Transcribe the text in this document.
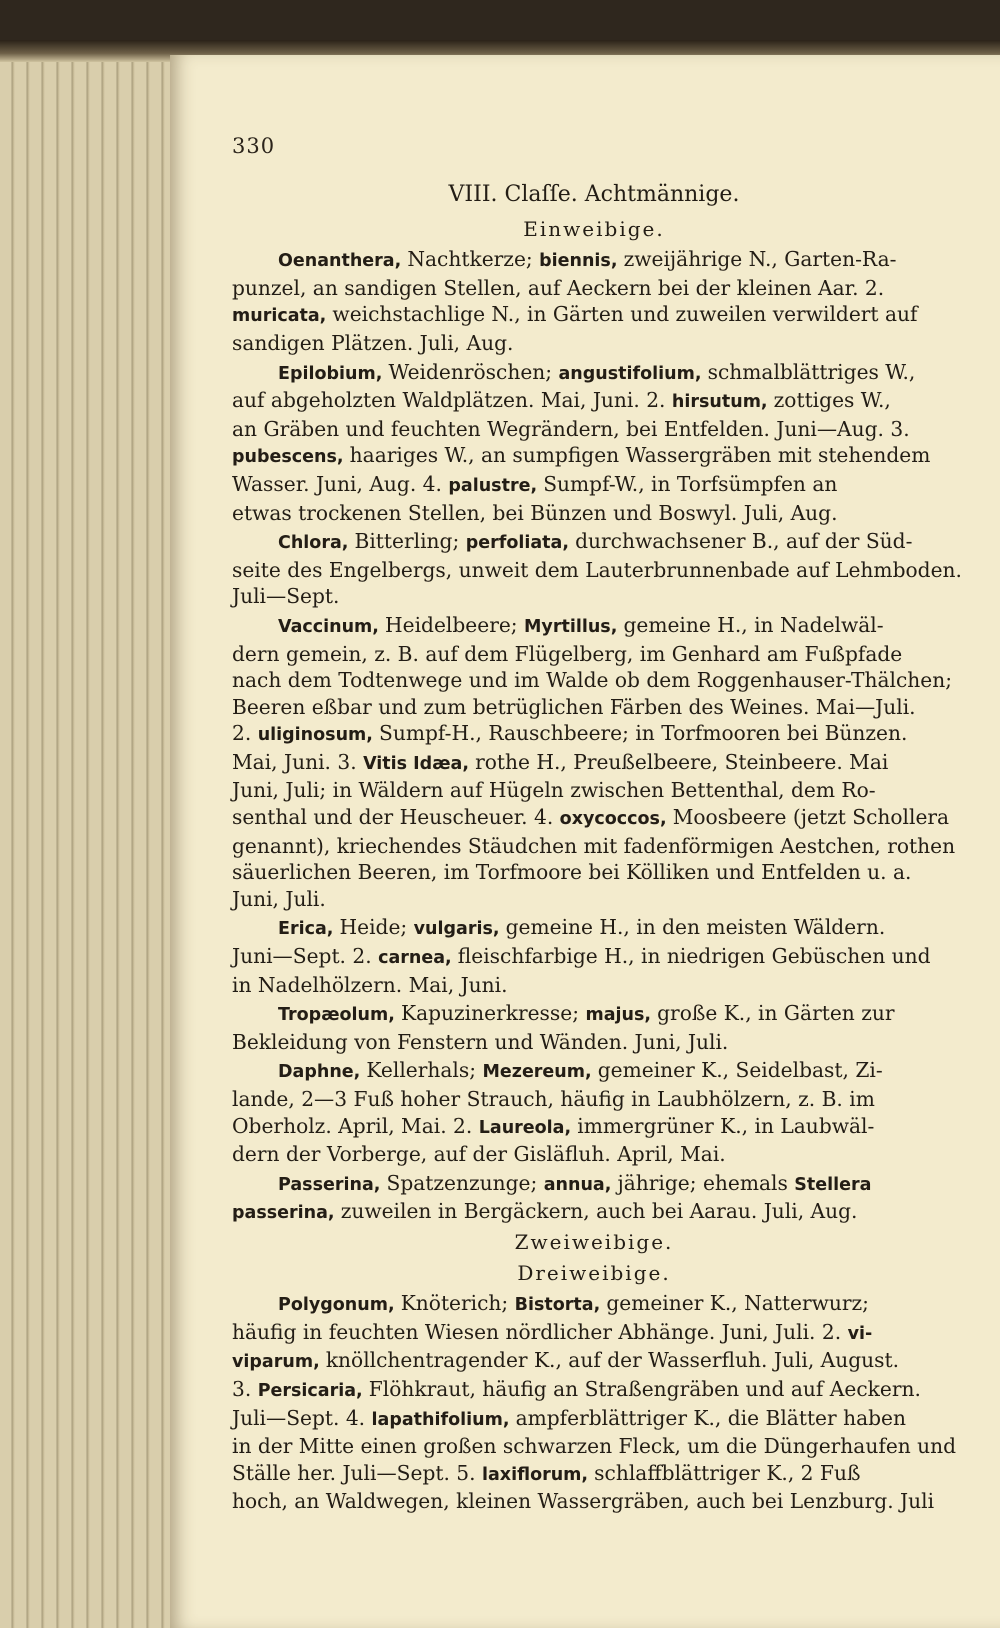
330

VIII. Claſſe. Achtmännige.

Einweibige.

Oenanthera, Nachtkerze; biennis, zweijährige N., Garten-Ra-
punzel, an sandigen Stellen, auf Aeckern bei der kleinen Aar. 2.
muricata, weichstachlige N., in Gärten und zuweilen verwildert auf
sandigen Plätzen. Juli, Aug.
Epilobium, Weidenröschen; angustifolium, schmalblättriges W.,
auf abgeholzten Waldplätzen. Mai, Juni. 2. hirsutum, zottiges W.,
an Gräben und feuchten Wegrändern, bei Entfelden. Juni—Aug. 3.
pubescens, haariges W., an sumpfigen Wassergräben mit stehendem
Wasser. Juni, Aug. 4. palustre, Sumpf-W., in Torfsümpfen an
etwas trockenen Stellen, bei Bünzen und Boswyl. Juli, Aug.
Chlora, Bitterling; perfoliata, durchwachsener B., auf der Süd-
seite des Engelbergs, unweit dem Lauterbrunnenbade auf Lehmboden.
Juli—Sept.
Vaccinum, Heidelbeere; Myrtillus, gemeine H., in Nadelwäl-
dern gemein, z. B. auf dem Flügelberg, im Genhard am Fußpfade
nach dem Todtenwege und im Walde ob dem Roggenhauser-Thälchen;
Beeren eßbar und zum betrüglichen Färben des Weines. Mai—Juli.
2. uliginosum, Sumpf-H., Rauschbeere; in Torfmooren bei Bünzen.
Mai, Juni. 3. Vitis Idæa, rothe H., Preußelbeere, Steinbeere. Mai
Juni, Juli; in Wäldern auf Hügeln zwischen Bettenthal, dem Ro-
senthal und der Heuscheuer. 4. oxycoccos, Moosbeere (jetzt Schollera
genannt), kriechendes Stäudchen mit fadenförmigen Aestchen, rothen
säuerlichen Beeren, im Torfmoore bei Kölliken und Entfelden u. a.
Juni, Juli.
Erica, Heide; vulgaris, gemeine H., in den meisten Wäldern.
Juni—Sept. 2. carnea, fleischfarbige H., in niedrigen Gebüschen und
in Nadelhölzern. Mai, Juni.
Tropæolum, Kapuzinerkresse; majus, große K., in Gärten zur
Bekleidung von Fenstern und Wänden. Juni, Juli.
Daphne, Kellerhals; Mezereum, gemeiner K., Seidelbast, Zi-
lande, 2—3 Fuß hoher Strauch, häufig in Laubhölzern, z. B. im
Oberholz. April, Mai. 2. Laureola, immergrüner K., in Laubwäl-
dern der Vorberge, auf der Gisläfluh. April, Mai.
Passerina, Spatzenzunge; annua, jährige; ehemals Stellera
passerina, zuweilen in Bergäckern, auch bei Aarau. Juli, Aug.

Zweiweibige.

Dreiweibige.

Polygonum, Knöterich; Bistorta, gemeiner K., Natterwurz;
häufig in feuchten Wiesen nördlicher Abhänge. Juni, Juli. 2. vi-
viparum, knöllchentragender K., auf der Wasserfluh. Juli, August.
3. Persicaria, Flöhkraut, häufig an Straßengräben und auf Aeckern.
Juli—Sept. 4. lapathifolium, ampferblättriger K., die Blätter haben
in der Mitte einen großen schwarzen Fleck, um die Düngerhaufen und
Ställe her. Juli—Sept. 5. laxiflorum, schlaffblättriger K., 2 Fuß
hoch, an Waldwegen, kleinen Wassergräben, auch bei Lenzburg. Juli
